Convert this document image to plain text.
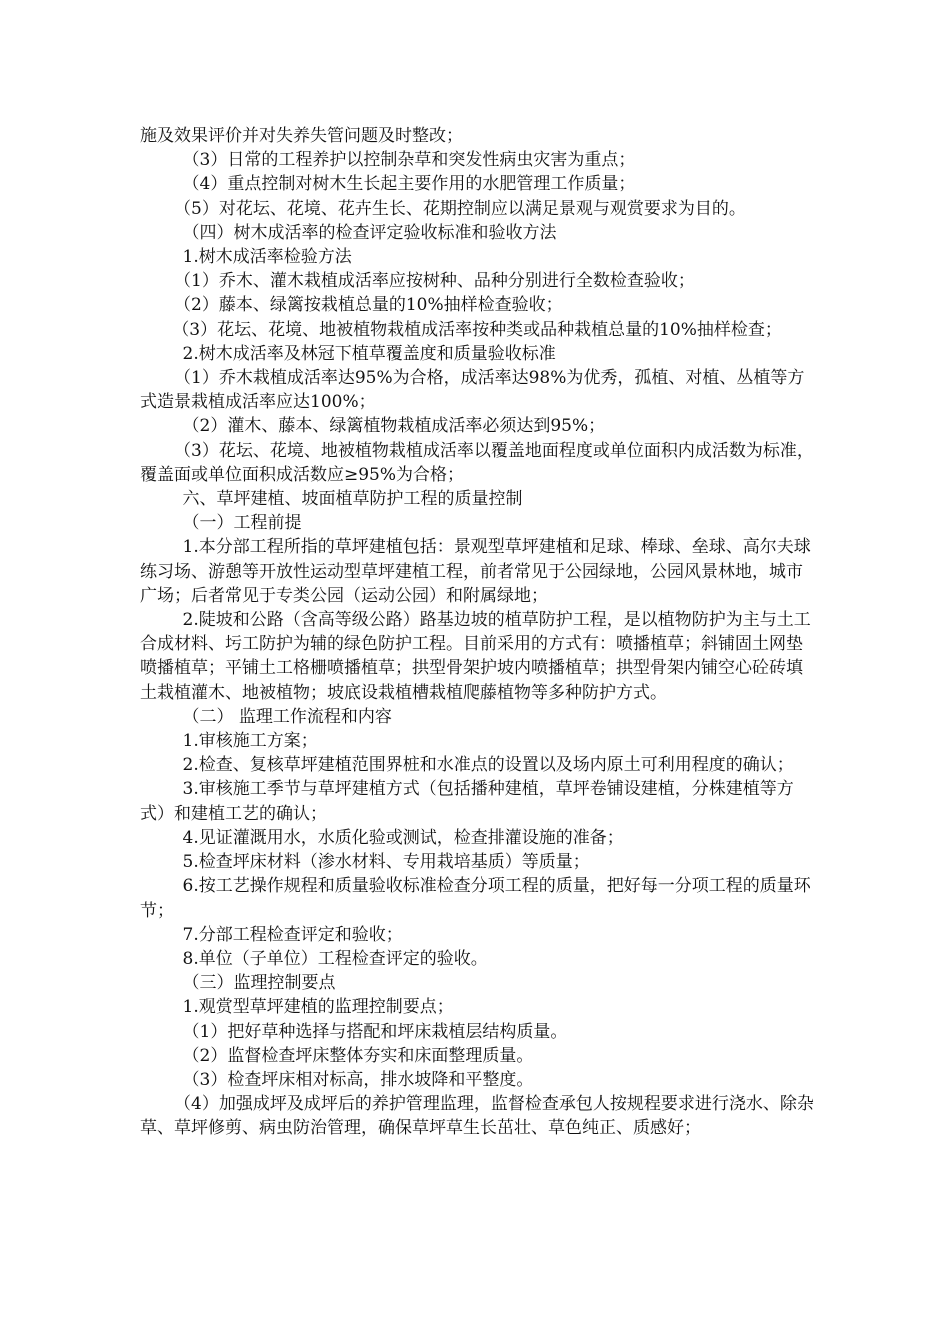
施及效果评价并对失养失管问题及时整改；

（3）日常的工程养护以控制杂草和突发性病虫灾害为重点；

（4）重点控制对树木生长起主要作用的水肥管理工作质量；

（5）对花坛、花境、花卉生长、花期控制应以满足景观与观赏要求为目的。

（四）树木成活率的检查评定验收标准和验收方法

1.树木成活率检验方法

（1）乔木、灌木栽植成活率应按树种、品种分别进行全数检查验收；

（2）藤本、绿篱按栽植总量的10%抽样检查验收；

（3）花坛、花境、地被植物栽植成活率按种类或品种栽植总量的10%抽样检查；

2.树木成活率及林冠下植草覆盖度和质量验收标准

（1）乔木栽植成活率达95%为合格，成活率达98%为优秀，孤植、对植、丛植等方式造景栽植成活率应达100%；

（2）灌木、藤本、绿篱植物栽植成活率必须达到95%；

（3）花坛、花境、地被植物栽植成活率以覆盖地面程度或单位面积内成活数为标准，覆盖面或单位面积成活数应≥95%为合格；

六、草坪建植、坡面植草防护工程的质量控制

（一）工程前提

1.本分部工程所指的草坪建植包括：景观型草坪建植和足球、棒球、垒球、高尔夫球练习场、游憩等开放性运动型草坪建植工程，前者常见于公园绿地，公园风景林地，城市广场；后者常见于专类公园（运动公园）和附属绿地；

2.陡坡和公路（含高等级公路）路基边坡的植草防护工程，是以植物防护为主与土工合成材料、圬工防护为辅的绿色防护工程。目前采用的方式有：喷播植草；斜铺固土网垫喷播植草；平铺土工格栅喷播植草；拱型骨架护坡内喷播植草；拱型骨架内铺空心砼砖填土栽植灌木、地被植物；坡底设栽植槽栽植爬藤植物等多种防护方式。

（二） 监理工作流程和内容

1.审核施工方案；

2.检查、复核草坪建植范围界桩和水准点的设置以及场内原土可利用程度的确认；

3.审核施工季节与草坪建植方式（包括播种建植，草坪卷铺设建植，分株建植等方式）和建植工艺的确认；

4.见证灌溉用水，水质化验或测试，检查排灌设施的准备；

5.检查坪床材料（渗水材料、专用栽培基质）等质量；

6.按工艺操作规程和质量验收标准检查分项工程的质量，把好每一分项工程的质量环节；

7.分部工程检查评定和验收；

8.单位（子单位）工程检查评定的验收。

（三）监理控制要点

1.观赏型草坪建植的监理控制要点；

（1）把好草种选择与搭配和坪床栽植层结构质量。

（2）监督检查坪床整体夯实和床面整理质量。

（3）检查坪床相对标高，排水坡降和平整度。

（4）加强成坪及成坪后的养护管理监理，监督检查承包人按规程要求进行浇水、除杂草、草坪修剪、病虫防治管理，确保草坪草生长茁壮、草色纯正、质感好；
